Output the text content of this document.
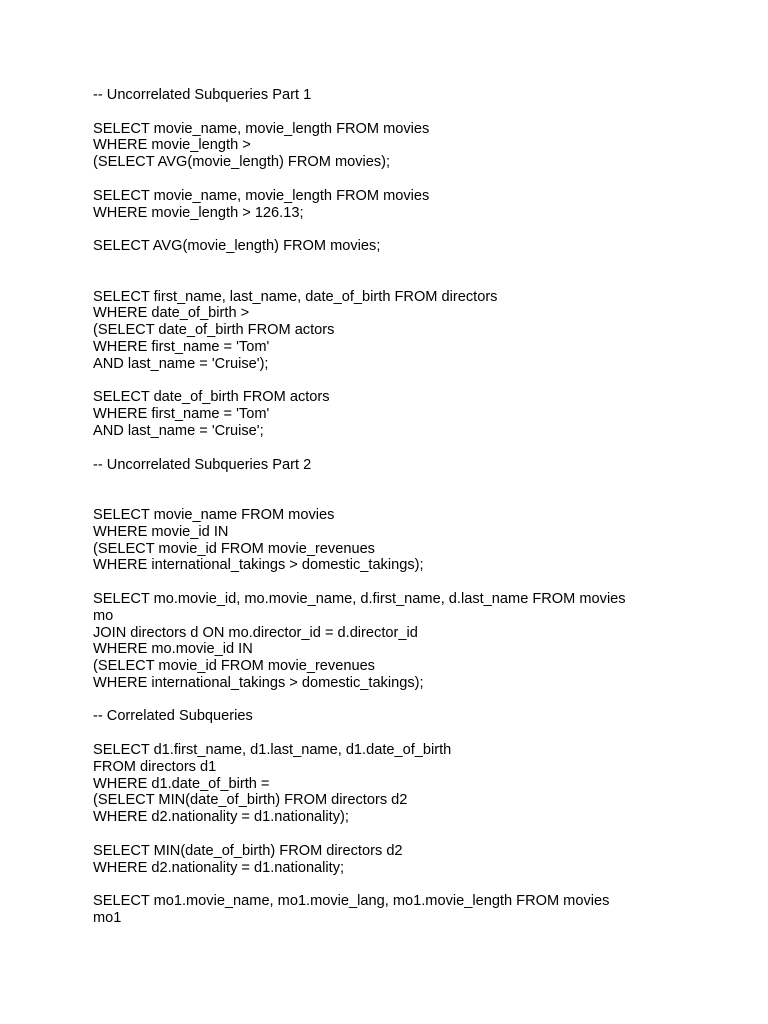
-- Uncorrelated Subqueries Part 1
SELECT movie_name, movie_length FROM movies
WHERE movie_length >
(SELECT AVG(movie_length) FROM movies);
SELECT movie_name, movie_length FROM movies
WHERE movie_length > 126.13;
SELECT AVG(movie_length) FROM movies;
SELECT first_name, last_name, date_of_birth FROM directors
WHERE date_of_birth >
(SELECT date_of_birth FROM actors
WHERE first_name = 'Tom'
AND last_name = 'Cruise');
SELECT date_of_birth FROM actors
WHERE first_name = 'Tom'
AND last_name = 'Cruise';
-- Uncorrelated Subqueries Part 2
SELECT movie_name FROM movies
WHERE movie_id IN
(SELECT movie_id FROM movie_revenues
WHERE international_takings > domestic_takings);
SELECT mo.movie_id, mo.movie_name, d.first_name, d.last_name FROM movies
mo
JOIN directors d ON mo.director_id = d.director_id
WHERE mo.movie_id IN
(SELECT movie_id FROM movie_revenues
WHERE international_takings > domestic_takings);
-- Correlated Subqueries
SELECT d1.first_name, d1.last_name, d1.date_of_birth
FROM directors d1
WHERE d1.date_of_birth =
(SELECT MIN(date_of_birth) FROM directors d2
WHERE d2.nationality = d1.nationality);
SELECT MIN(date_of_birth) FROM directors d2
WHERE d2.nationality = d1.nationality;
SELECT mo1.movie_name, mo1.movie_lang, mo1.movie_length FROM movies
mo1
